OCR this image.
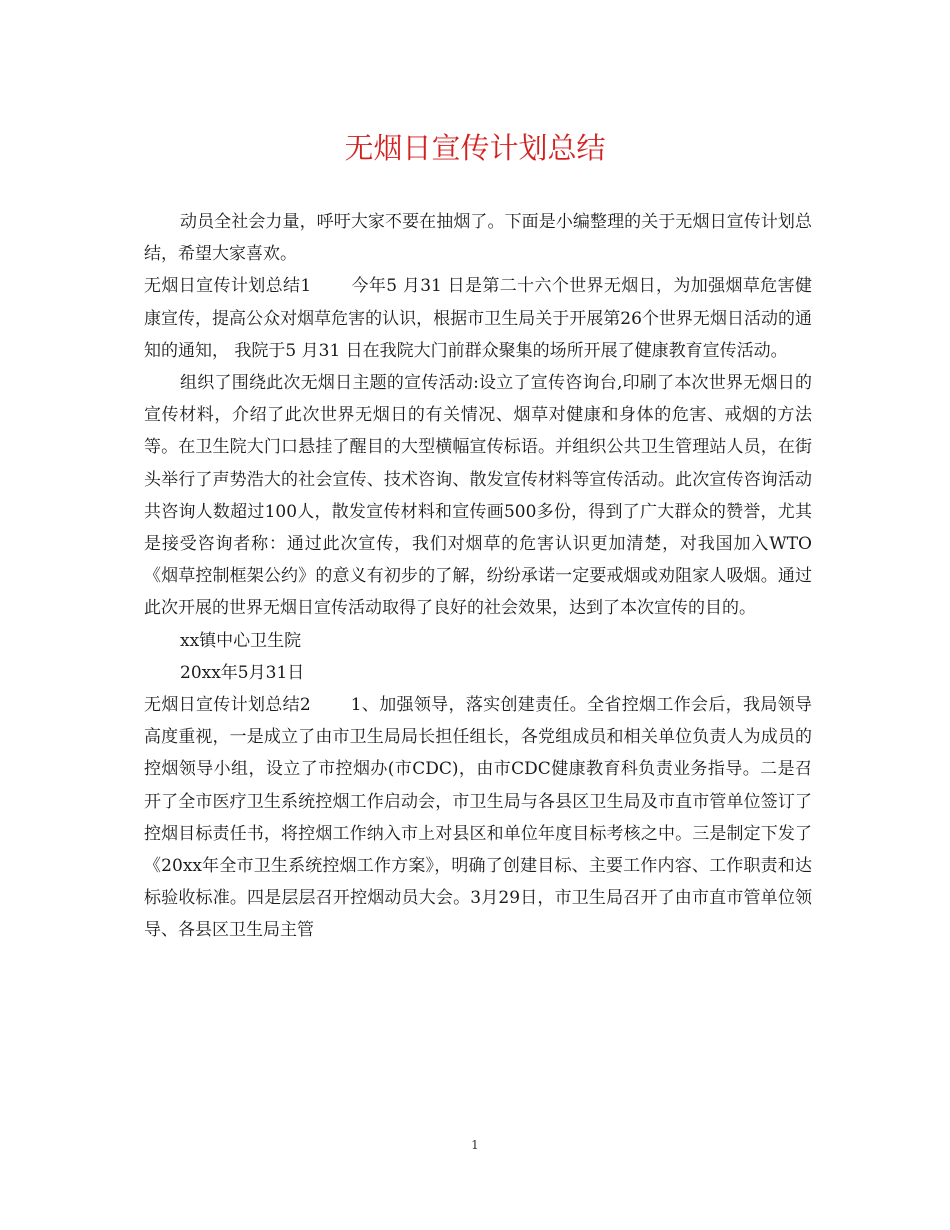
无烟日宣传计划总结

动员全社会力量，呼吁大家不要在抽烟了。下面是小编整理的关于无烟日宣传计划总结，希望大家喜欢。

无烟日宣传计划总结1 今年5 月31 日是第二十六个世界无烟日，为加强烟草危害健康宣传，提高公众对烟草危害的认识，根据市卫生局关于开展第26个世界无烟日活动的通知的通知， 我院于5 月31 日在我院大门前群众聚集的场所开展了健康教育宣传活动。

组织了围绕此次无烟日主题的宣传活动:设立了宣传咨询台,印刷了本次世界无烟日的宣传材料，介绍了此次世界无烟日的有关情况、烟草对健康和身体的危害、戒烟的方法等。在卫生院大门口悬挂了醒目的大型横幅宣传标语。并组织公共卫生管理站人员，在街头举行了声势浩大的社会宣传、技术咨询、散发宣传材料等宣传活动。此次宣传咨询活动共咨询人数超过100人，散发宣传材料和宣传画500多份，得到了广大群众的赞誉，尤其是接受咨询者称：通过此次宣传，我们对烟草的危害认识更加清楚，对我国加入WTO《烟草控制框架公约》的意义有初步的了解，纷纷承诺一定要戒烟或劝阻家人吸烟。通过此次开展的世界无烟日宣传活动取得了良好的社会效果，达到了本次宣传的目的。

xx镇中心卫生院

20xx年5月31日

无烟日宣传计划总结2 1、加强领导，落实创建责任。全省控烟工作会后，我局领导高度重视，一是成立了由市卫生局局长担任组长，各党组成员和相关单位负责人为成员的控烟领导小组，设立了市控烟办(市CDC)，由市CDC健康教育科负责业务指导。二是召开了全市医疗卫生系统控烟工作启动会，市卫生局与各县区卫生局及市直市管单位签订了控烟目标责任书，将控烟工作纳入市上对县区和单位年度目标考核之中。三是制定下发了《20xx年全市卫生系统控烟工作方案》，明确了创建目标、主要工作内容、工作职责和达标验收标准。四是层层召开控烟动员大会。3月29日，市卫生局召开了由市直市管单位领导、各县区卫生局主管

1
